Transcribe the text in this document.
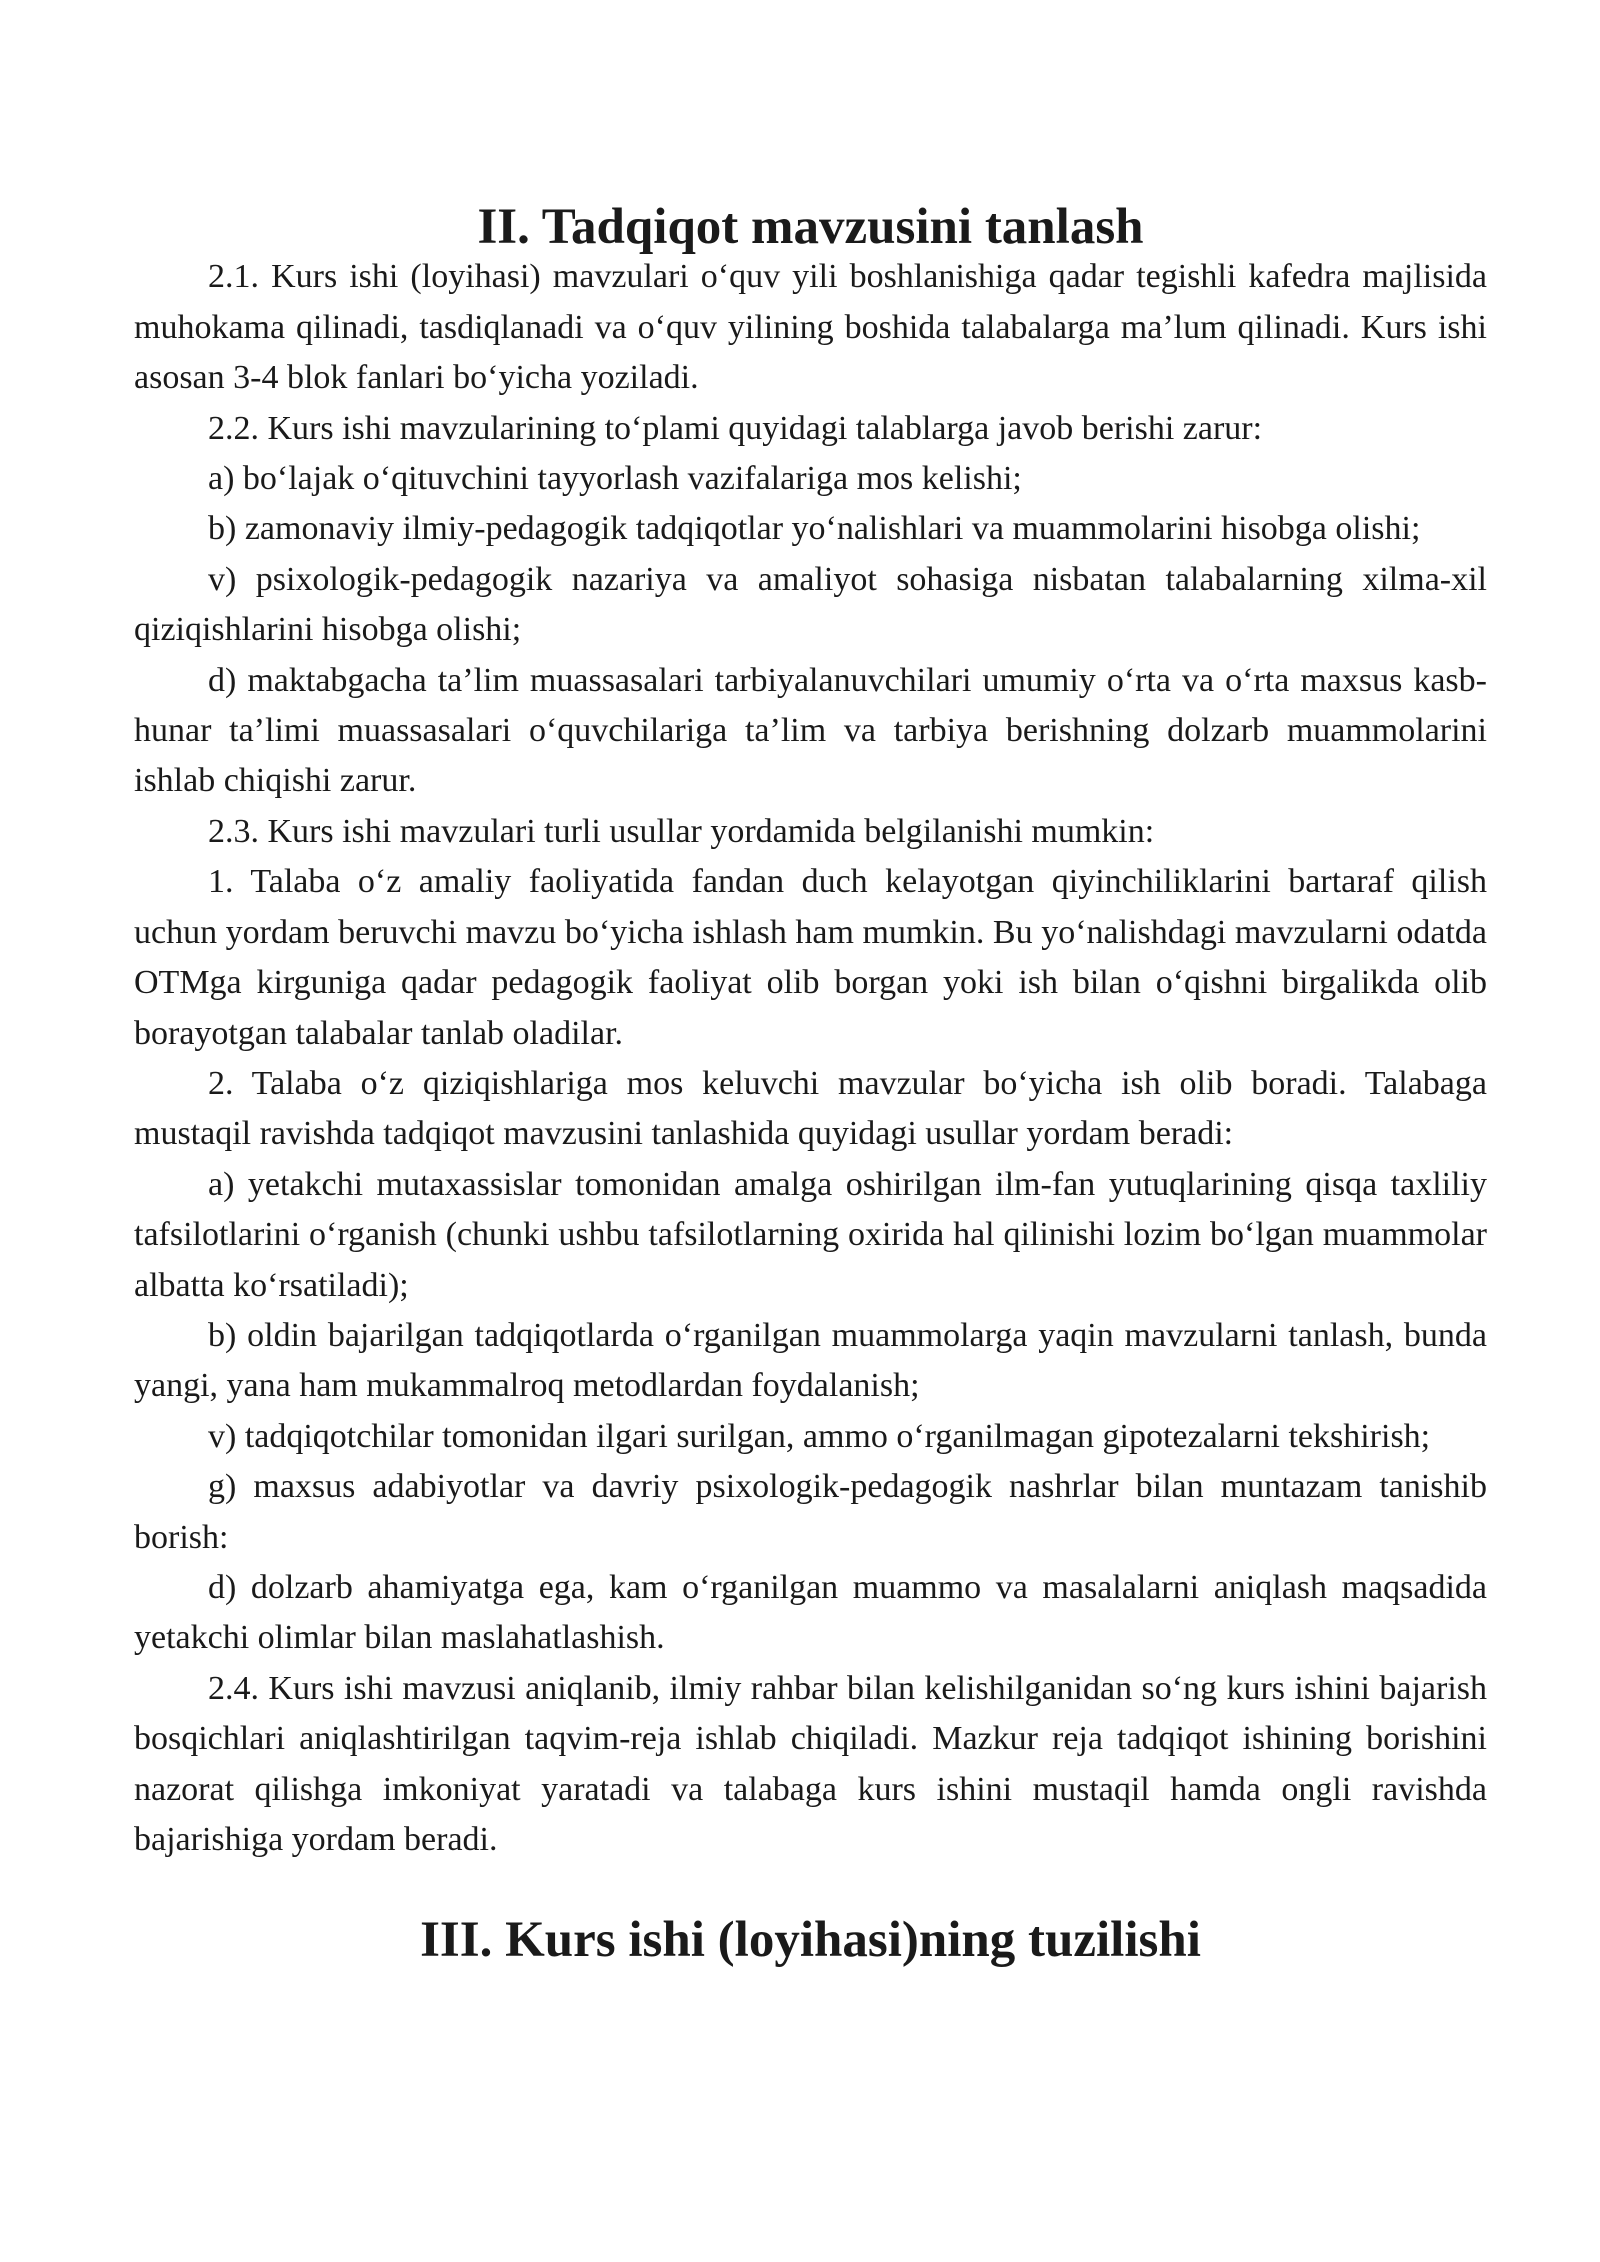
II. Tadqiqot mavzusini tanlash

2.1. Kurs ishi (loyihasi) mavzulari o‘quv yili boshlanishiga qadar tegishli kafedra majlisida muhokama qilinadi, tasdiqlanadi va o‘quv yilining boshida talabalarga ma’lum qilinadi. Kurs ishi asosan 3-4 blok fanlari bo‘yicha yoziladi.

2.2. Kurs ishi mavzularining to‘plami quyidagi talablarga javob berishi zarur:

a) bo‘lajak o‘qituvchini tayyorlash vazifalariga mos kelishi;

b) zamonaviy ilmiy-pedagogik tadqiqotlar yo‘nalishlari va muammolarini hisobga olishi;

v) psixologik-pedagogik nazariya va amaliyot sohasiga nisbatan talabalarning xilma-xil qiziqishlarini hisobga olishi;

d) maktabgacha ta’lim muassasalari tarbiyalanuvchilari umumiy o‘rta va o‘rta maxsus kasb-hunar ta’limi muassasalari o‘quvchilariga ta’lim va tarbiya berishning dolzarb muammolarini ishlab chiqishi zarur.

2.3. Kurs ishi mavzulari turli usullar yordamida belgilanishi mumkin:

1. Talaba o‘z amaliy faoliyatida fandan duch kelayotgan qiyinchiliklarini bartaraf qilish uchun yordam beruvchi mavzu bo‘yicha ishlash ham mumkin. Bu yo‘nalishdagi mavzularni odatda OTMga kirguniga qadar pedagogik faoliyat olib borgan yoki ish bilan o‘qishni birgalikda olib borayotgan talabalar tanlab oladilar.

2. Talaba o‘z qiziqishlariga mos keluvchi mavzular bo‘yicha ish olib boradi. Talabaga mustaqil ravishda tadqiqot mavzusini tanlashida quyidagi usullar yordam beradi:

a) yetakchi mutaxassislar tomonidan amalga oshirilgan ilm-fan yutuqlarining qisqa taxliliy tafsilotlarini o‘rganish (chunki ushbu tafsilotlarning oxirida hal qilinishi lozim bo‘lgan muammolar albatta ko‘rsatiladi);

b) oldin bajarilgan tadqiqotlarda o‘rganilgan muammolarga yaqin mavzularni tanlash, bunda yangi, yana ham mukammalroq metodlardan foydalanish;

v) tadqiqotchilar tomonidan ilgari surilgan, ammo o‘rganilmagan gipotezalarni tekshirish;

g) maxsus adabiyotlar va davriy psixologik-pedagogik nashrlar bilan muntazam tanishib borish:

d) dolzarb ahamiyatga ega, kam o‘rganilgan muammo va masalalarni aniqlash maqsadida yetakchi olimlar bilan maslahatlashish.

2.4. Kurs ishi mavzusi aniqlanib, ilmiy rahbar bilan kelishilganidan so‘ng kurs ishini bajarish bosqichlari aniqlashtirilgan taqvim-reja ishlab chiqiladi. Mazkur reja tadqiqot ishining borishini nazorat qilishga imkoniyat yaratadi va talabaga kurs ishini mustaqil hamda ongli ravishda bajarishiga yordam beradi.

III. Kurs ishi (loyihasi)ning tuzilishi
